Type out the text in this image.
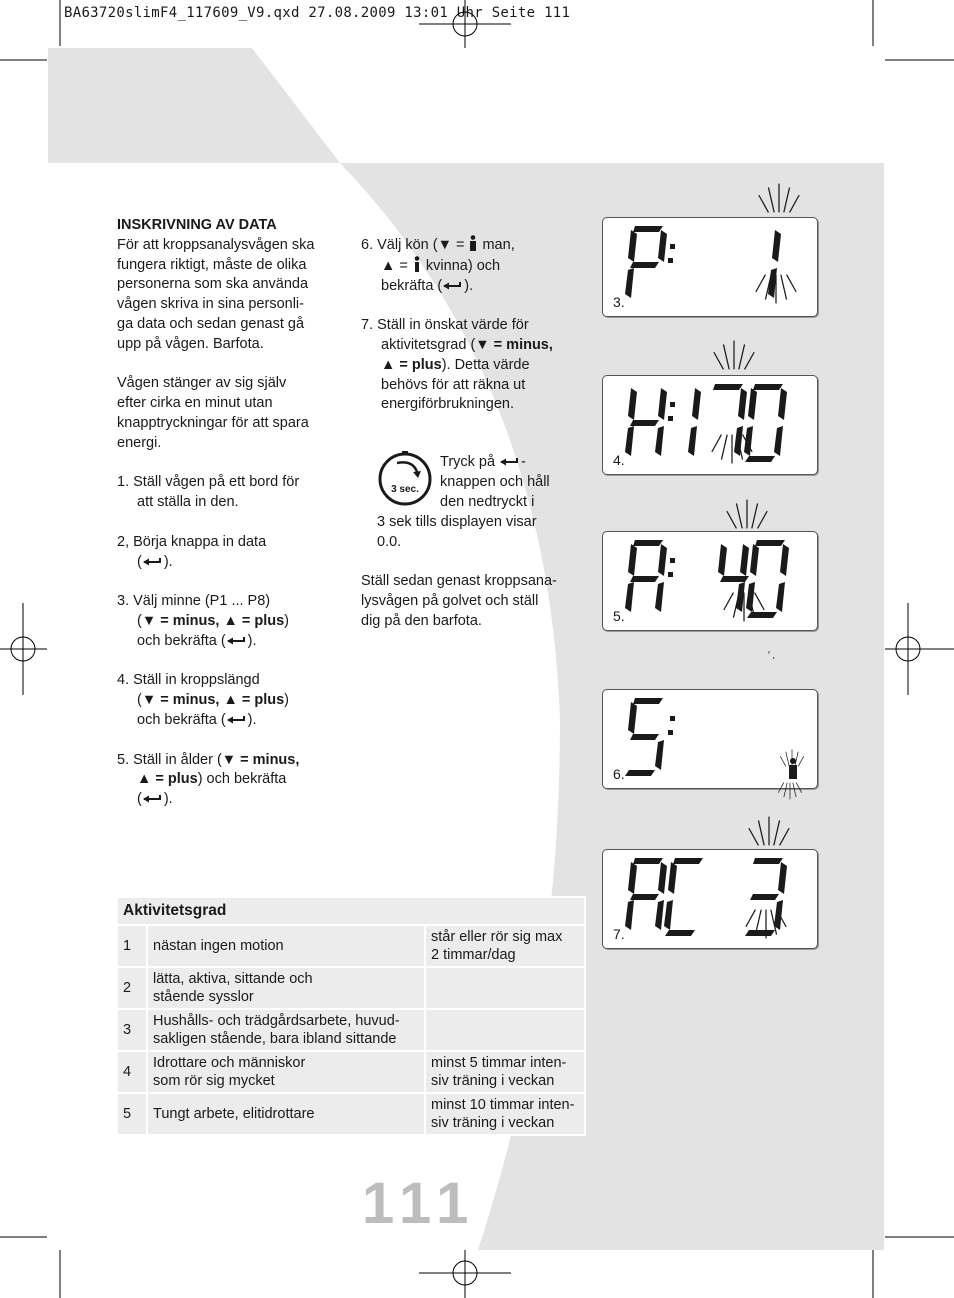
BA63720slimF4_117609_V9.qxd 27.08.2009 13:01 Uhr Seite 111

INSKRIVNING AV DATA

För att kroppsanalysvågen ska

fungera riktigt, måste de olika

personerna som ska använda

vågen skriva in sina personli-

ga data och sedan genast gå

upp på vågen. Barfota.

Vågen stänger av sig själv

efter cirka en minut utan

knapptryckningar för att spara

energi.

1. Ställ vågen på ett bord för

att ställa in den.

2, Börja knappa in data

( ).

3. Välj minne (P1 ... P8)

(▼ = minus, ▲ = plus)

och bekräfta ( ).

4. Ställ in kroppslängd

(▼ = minus, ▲ = plus)

och bekräfta ( ).

5. Ställ in ålder (▼ = minus,

▲ = plus) och bekräfta

( ).

6. Välj kön (▼ =  man,

▲ =  kvinna) och

bekräfta ( ).

7. Ställ in önskat värde för

aktivitetsgrad (▼ = minus,

▲ = plus). Detta värde

behövs för att räkna ut

energiförbrukningen.

3 sec.

Tryck på -

knappen och håll

den nedtryckt i

3 sek tills displayen visar

0.0.

Ställ sedan genast kroppsana-

lysvågen på golvet och ställ

dig på den barfota.

3.
4.
5.
′ ‚
6.
7.
Aktivitetsgrad		
1	nästan ingen motion	står eller rör sig max
2 timmar/dag
2	lätta, aktiva, sittande och
stående sysslor	
3	Hushålls- och trädgårdsarbete, huvud-
sakligen stående, bara ibland sittande	
4	Idrottare och människor
som rör sig mycket	minst 5 timmar inten-
siv träning i veckan
5	Tungt arbete, elitidrottare	minst 10 timmar inten-
siv träning i veckan
111
